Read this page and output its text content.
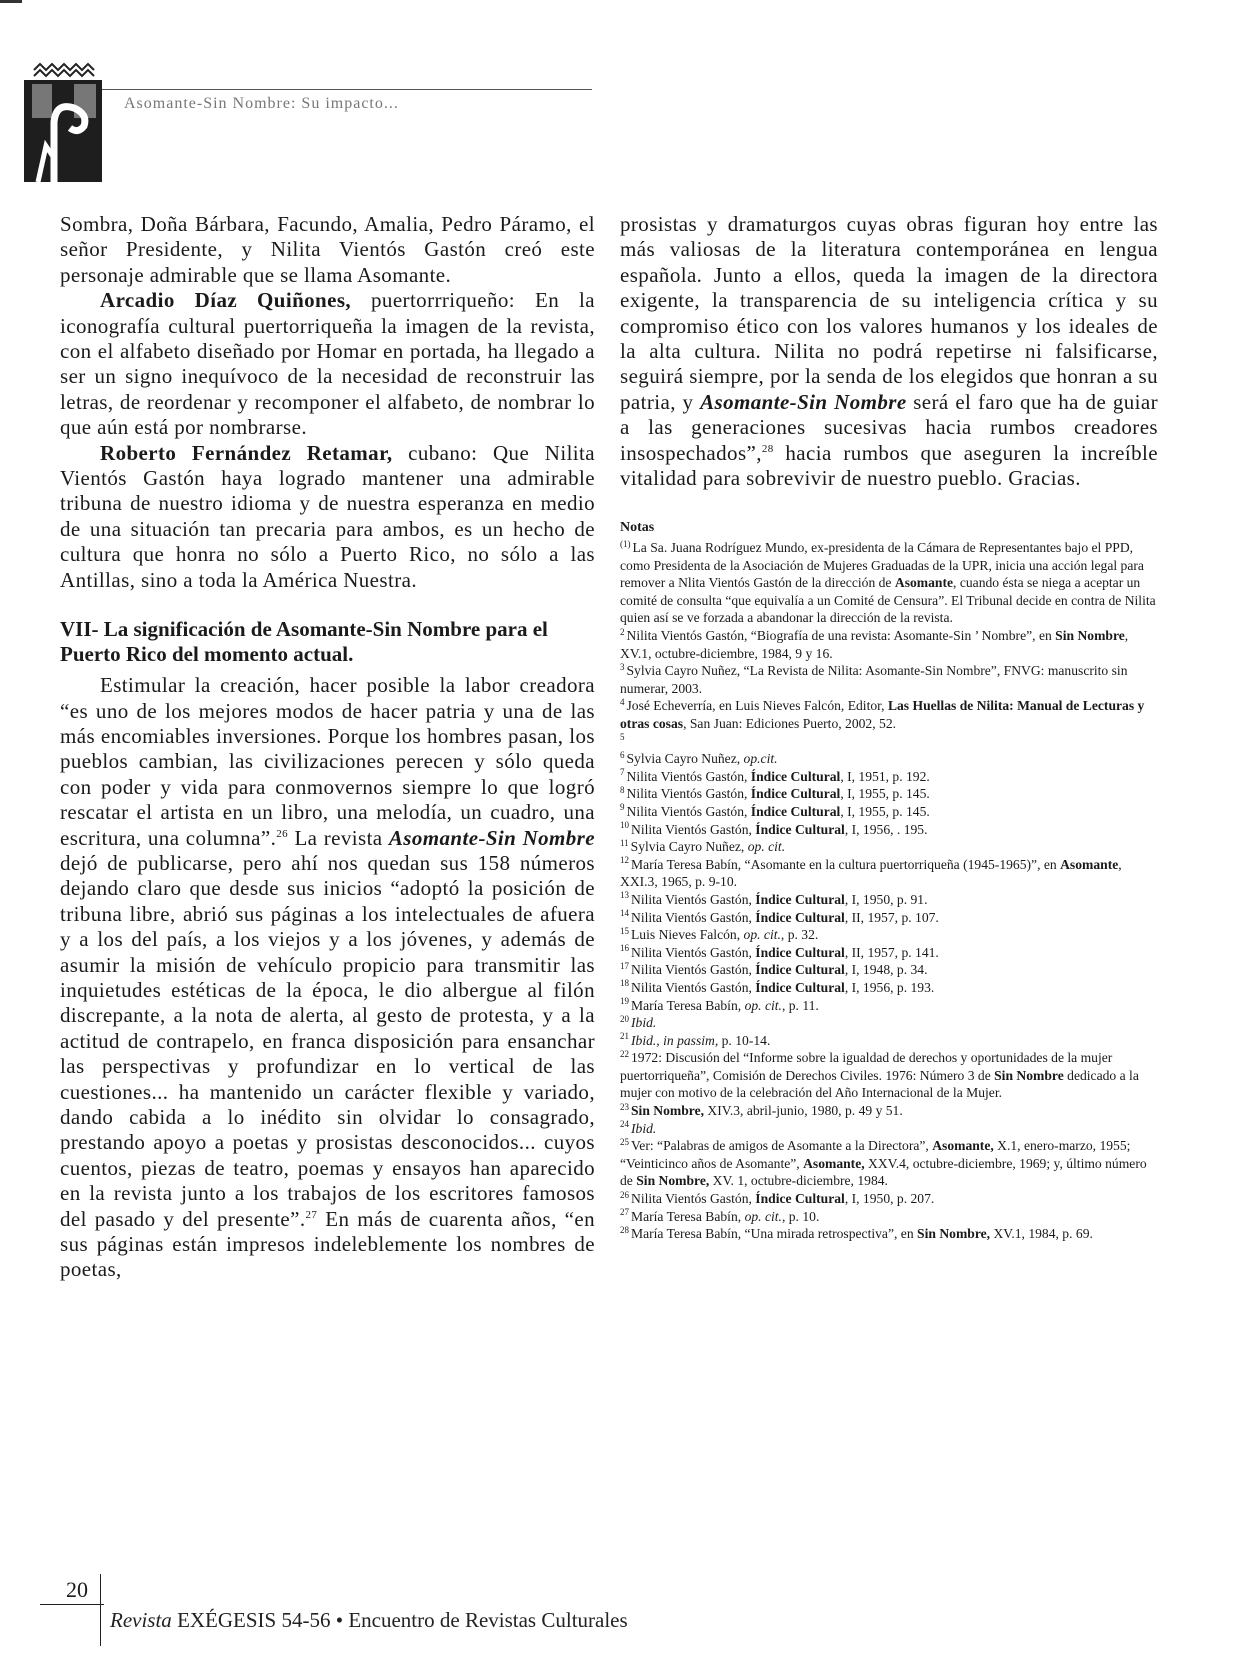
Asomante-Sin Nombre: Su impacto...

Sombra, Doña Bárbara, Facundo, Amalia, Pedro Páramo, el señor Presidente, y Nilita Vientós Gastón creó este personaje admirable que se llama Asomante.

Arcadio Díaz Quiñones, puertorrriqueño: En la iconografía cultural puertorriqueña la imagen de la revista, con el alfabeto diseñado por Homar en portada, ha llegado a ser un signo inequívoco de la necesidad de reconstruir las letras, de reordenar y recomponer el alfabeto, de nombrar lo que aún está por nombrarse.

Roberto Fernández Retamar, cubano: Que Nilita Vientós Gastón haya logrado mantener una admirable tribuna de nuestro idioma y de nuestra esperanza en medio de una situación tan precaria para ambos, es un hecho de cultura que honra no sólo a Puerto Rico, no sólo a las Antillas, sino a toda la América Nuestra.

VII- La significación de Asomante-Sin Nombre para el Puerto Rico del momento actual.

Estimular la creación, hacer posible la labor creadora “es uno de los mejores modos de hacer patria y una de las más encomiables inversiones. Porque los hombres pasan, los pueblos cambian, las civilizaciones perecen y sólo queda con poder y vida para conmovernos siempre lo que logró rescatar el artista en un libro, una melodía, un cuadro, una escritura, una columna”.$^{26}$ La revista Asomante-Sin Nombre dejó de publicarse, pero ahí nos quedan sus 158 números dejando claro que desde sus inicios “adoptó la posición de tribuna libre, abrió sus páginas a los intelectuales de afuera y a los del país, a los viejos y a los jóvenes, y además de asumir la misión de vehículo propicio para transmitir las inquietudes estéticas de la época, le dio albergue al filón discrepante, a la nota de alerta, al gesto de protesta, y a la actitud de contrapelo, en franca disposición para ensanchar las perspectivas y profundizar en lo vertical de las cuestiones... ha mantenido un carácter flexible y variado, dando cabida a lo inédito sin olvidar lo consagrado, prestando apoyo a poetas y prosistas desconocidos... cuyos cuentos, piezas de teatro, poemas y ensayos han aparecido en la revista junto a los trabajos de los escritores famosos del pasado y del presente”.$^{27}$ En más de cuarenta años, “en sus páginas están impresos indeleblemente los nombres de poetas,

prosistas y dramaturgos cuyas obras figuran hoy entre las más valiosas de la literatura contemporánea en lengua española. Junto a ellos, queda la imagen de la directora exigente, la transparencia de su inteligencia crítica y su compromiso ético con los valores humanos y los ideales de la alta cultura. Nilita no podrá repetirse ni falsificarse, seguirá siempre, por la senda de los elegidos que honran a su patria, y Asomante-Sin Nombre será el faro que ha de guiar a las generaciones sucesivas hacia rumbos creadores insospechados”,$^{28}$ hacia rumbos que aseguren la increíble vitalidad para sobrevivir de nuestro pueblo. Gracias.

Notas

$^{(1)}$ La Sa. Juana Rodríguez Mundo, ex-presidenta de la Cámara de Representantes bajo el PPD, como Presidenta de la Asociación de Mujeres Graduadas de la UPR, inicia una acción legal para remover a Nlita Vientós Gastón de la dirección de Asomante, cuando ésta se niega a aceptar un comité de consulta “que equivalía a un Comité de Censura”. El Tribunal decide en contra de Nilita quien así se ve forzada a abandonar la dirección de la revista.

$^2$ Nilita Vientós Gastón, “Biografía de una revista: Asomante-Sin ’ Nombre”, en Sin Nombre, XV.1, octubre-diciembre, 1984, 9 y 16.

$^3$ Sylvia Cayro Nuñez, “La Revista de Nilita: Asomante-Sin Nombre”, FNVG: manuscrito sin numerar, 2003.

$^4$ José Echeverría, en Luis Nieves Falcón, Editor, Las Huellas de Nilita: Manual de Lecturas y otras cosas, San Juan: Ediciones Puerto, 2002, 52.

$^5$

$^6$ Sylvia Cayro Nuñez, op.cit.

$^7$ Nilita Vientós Gastón, Índice Cultural, I, 1951, p. 192.

$^8$ Nilita Vientós Gastón, Índice Cultural, I, 1955, p. 145.

$^9$ Nilita Vientós Gastón, Índice Cultural, I, 1955, p. 145.

$^{10}$ Nilita Vientós Gastón, Índice Cultural, I, 1956, . 195.

$^{11}$ Sylvia Cayro Nuñez, op. cit.

$^{12}$ María Teresa Babín, “Asomante en la cultura puertorriqueña (1945-1965)”, en Asomante, XXI.3, 1965, p. 9-10.

$^{13}$ Nilita Vientós Gastón, Índice Cultural, I, 1950, p. 91.

$^{14}$ Nilita Vientós Gastón, Índice Cultural, II, 1957, p. 107.

$^{15}$ Luis Nieves Falcón, op. cit., p. 32.

$^{16}$ Nilita Vientós Gastón, Índice Cultural, II, 1957, p. 141.

$^{17}$ Nilita Vientós Gastón, Índice Cultural, I, 1948, p. 34.

$^{18}$ Nilita Vientós Gastón, Índice Cultural, I, 1956, p. 193.

$^{19}$ María Teresa Babín, op. cit., p. 11.

$^{20}$ Ibid.

$^{21}$ Ibid., in passim, p. 10-14.

$^{22}$ 1972: Discusión del “Informe sobre la igualdad de derechos y oportunidades de la mujer puertorriqueña”, Comisión de Derechos Civiles. 1976: Número 3 de Sin Nombre dedicado a la mujer con motivo de la celebración del Año Internacional de la Mujer.

$^{23}$ Sin Nombre, XIV.3, abril-junio, 1980, p. 49 y 51.

$^{24}$ Ibid.

$^{25}$ Ver: “Palabras de amigos de Asomante a la Directora”, Asomante, X.1, enero-marzo, 1955; “Veinticinco años de Asomante”, Asomante, XXV.4, octubre-diciembre, 1969; y, último número de Sin Nombre, XV. 1, octubre-diciembre, 1984.

$^{26}$ Nilita Vientós Gastón, Índice Cultural, I, 1950, p. 207.

$^{27}$ María Teresa Babín, op. cit., p. 10.

$^{28}$ María Teresa Babín, “Una mirada retrospectiva”, en Sin Nombre, XV.1, 1984, p. 69.

20
Revista EXÉGESIS 54-56 • Encuentro de Revistas Culturales
